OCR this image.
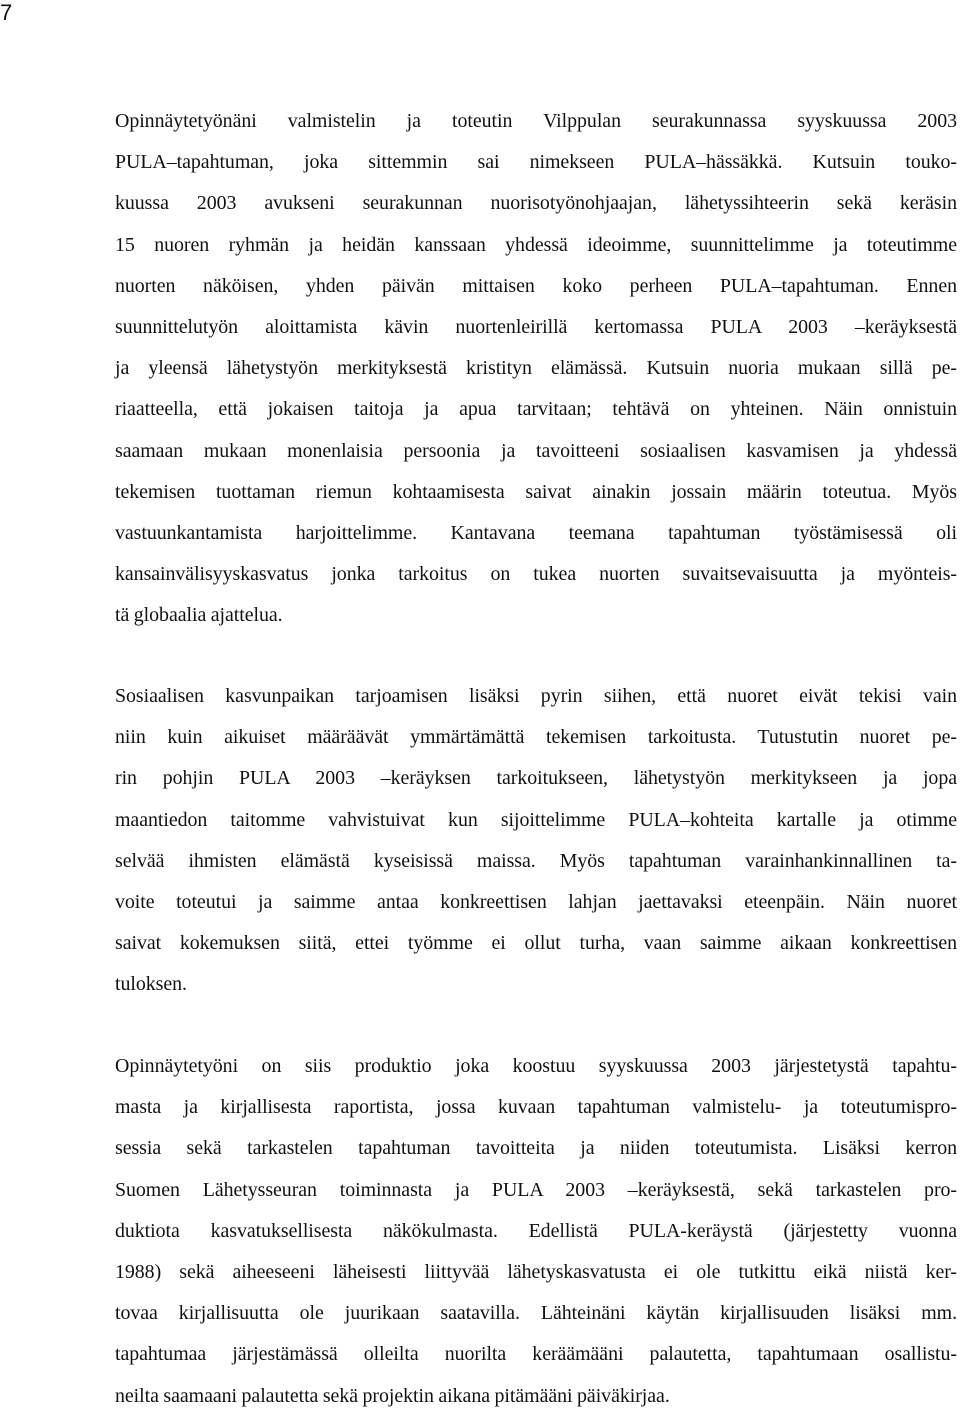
7
Opinnäytetyönäni valmistelin ja toteutin Vilppulan seurakunnassa syyskuussa 2003
PULA–tapahtuman, joka sittemmin sai nimekseen PULA–hässäkkä. Kutsuin touko-
kuussa 2003 avukseni seurakunnan nuorisotyönohjaajan, lähetyssihteerin sekä keräsin
15 nuoren ryhmän ja heidän kanssaan yhdessä ideoimme, suunnittelimme ja toteutimme
nuorten näköisen, yhden päivän mittaisen koko perheen PULA–tapahtuman. Ennen
suunnittelutyön aloittamista kävin nuortenleirillä kertomassa PULA 2003 –keräyksestä
ja yleensä lähetystyön merkityksestä kristityn elämässä. Kutsuin nuoria mukaan sillä pe-
riaatteella, että jokaisen taitoja ja apua tarvitaan; tehtävä on yhteinen. Näin onnistuin
saamaan mukaan monenlaisia persoonia ja tavoitteeni sosiaalisen kasvamisen ja yhdessä
tekemisen tuottaman riemun kohtaamisesta saivat ainakin jossain määrin toteutua. Myös
vastuunkantamista harjoittelimme. Kantavana teemana tapahtuman työstämisessä oli
kansainvälisyyskasvatus jonka tarkoitus on tukea nuorten suvaitsevaisuutta ja myönteis-
tä globaalia ajattelua.
Sosiaalisen kasvunpaikan tarjoamisen lisäksi pyrin siihen, että nuoret eivät tekisi vain
niin kuin aikuiset määräävät ymmärtämättä tekemisen tarkoitusta. Tutustutin nuoret pe-
rin pohjin PULA 2003 –keräyksen tarkoitukseen, lähetystyön merkitykseen ja jopa
maantiedon taitomme vahvistuivat kun sijoittelimme PULA–kohteita kartalle ja otimme
selvää ihmisten elämästä kyseisissä maissa. Myös tapahtuman varainhankinnallinen ta-
voite toteutui ja saimme antaa konkreettisen lahjan jaettavaksi eteenpäin. Näin nuoret
saivat kokemuksen siitä, ettei työmme ei ollut turha, vaan saimme aikaan konkreettisen
tuloksen.
Opinnäytetyöni on siis produktio joka koostuu syyskuussa 2003 järjestetystä tapahtu-
masta ja kirjallisesta raportista, jossa kuvaan tapahtuman valmistelu- ja toteutumispro-
sessia sekä tarkastelen tapahtuman tavoitteita ja niiden toteutumista. Lisäksi kerron
Suomen Lähetysseuran toiminnasta ja PULA 2003 –keräyksestä, sekä tarkastelen pro-
duktiota kasvatuksellisesta näkökulmasta. Edellistä PULA-keräystä (järjestetty vuonna
1988) sekä aiheeseeni läheisesti liittyvää lähetyskasvatusta ei ole tutkittu eikä niistä ker-
tovaa kirjallisuutta ole juurikaan saatavilla. Lähteinäni käytän kirjallisuuden lisäksi mm.
tapahtumaa järjestämässä olleilta nuorilta keräämääni palautetta, tapahtumaan osallistu-
neilta saamaani palautetta sekä projektin aikana pitämääni päiväkirjaa.
